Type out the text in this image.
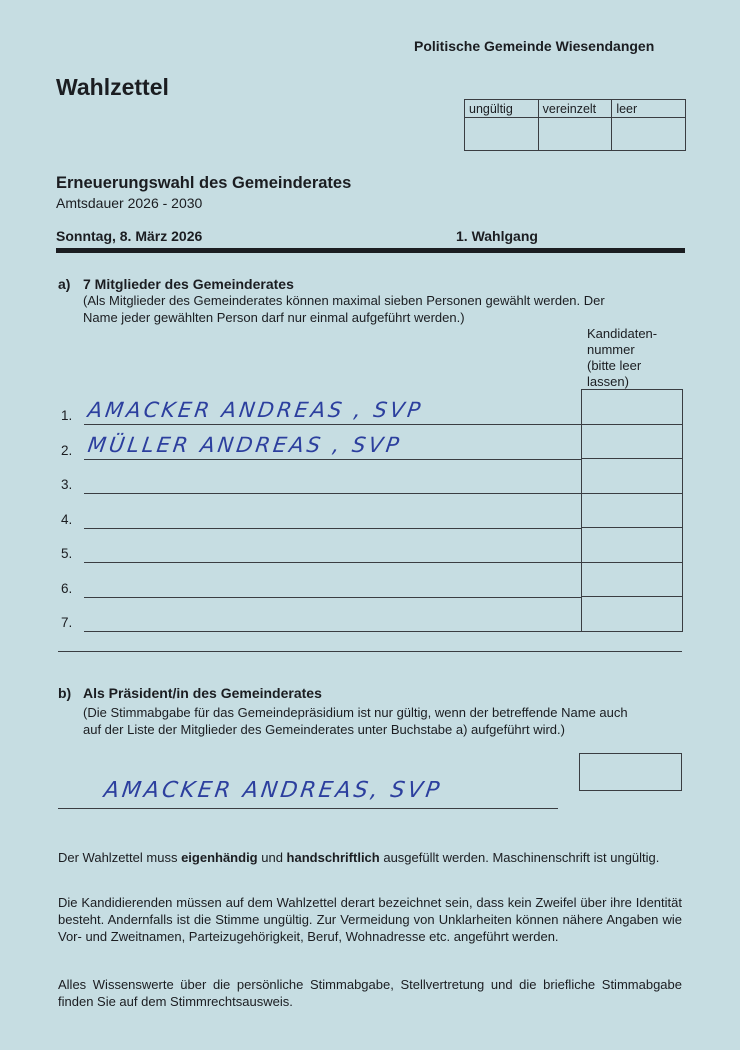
Politische Gemeinde Wiesendangen
Wahlzettel
ungültig	vereinzelt	leer

Erneuerungswahl des Gemeinderates
Amtsdauer 2026 - 2030
Sonntag, 8. März 2026	1. Wahlgang
a) 7 Mitglieder des Gemeinderates
(Als Mitglieder des Gemeinderates können maximal sieben Personen gewählt werden. Der
Name jeder gewählten Person darf nur einmal aufgeführt werden.)
Kandidaten-
nummer
(bitte leer
lassen)
1. AMACKER ANDREAS , SVP
2. MÜLLER ANDREAS , SVP
3.
4.
5.
6.
7.
b) Als Präsident/in des Gemeinderates
(Die Stimmabgabe für das Gemeindepräsidium ist nur gültig, wenn der betreffende Name auch
auf der Liste der Mitglieder des Gemeinderates unter Buchstabe a) aufgeführt wird.)
AMACKER ANDREAS, SVP
Der Wahlzettel muss eigenhändig und handschriftlich ausgefüllt werden. Maschinenschrift ist ungültig.
Die Kandidierenden müssen auf dem Wahlzettel derart bezeichnet sein, dass kein Zweifel über ihre Identität besteht. Andernfalls ist die Stimme ungültig. Zur Vermeidung von Unklarheiten können nähere Angaben wie Vor- und Zweitnamen, Parteizugehörigkeit, Beruf, Wohnadresse etc. angeführt werden.
Alles Wissenswerte über die persönliche Stimmabgabe, Stellvertretung und die briefliche Stimmabgabe finden Sie auf dem Stimmrechtsausweis.
